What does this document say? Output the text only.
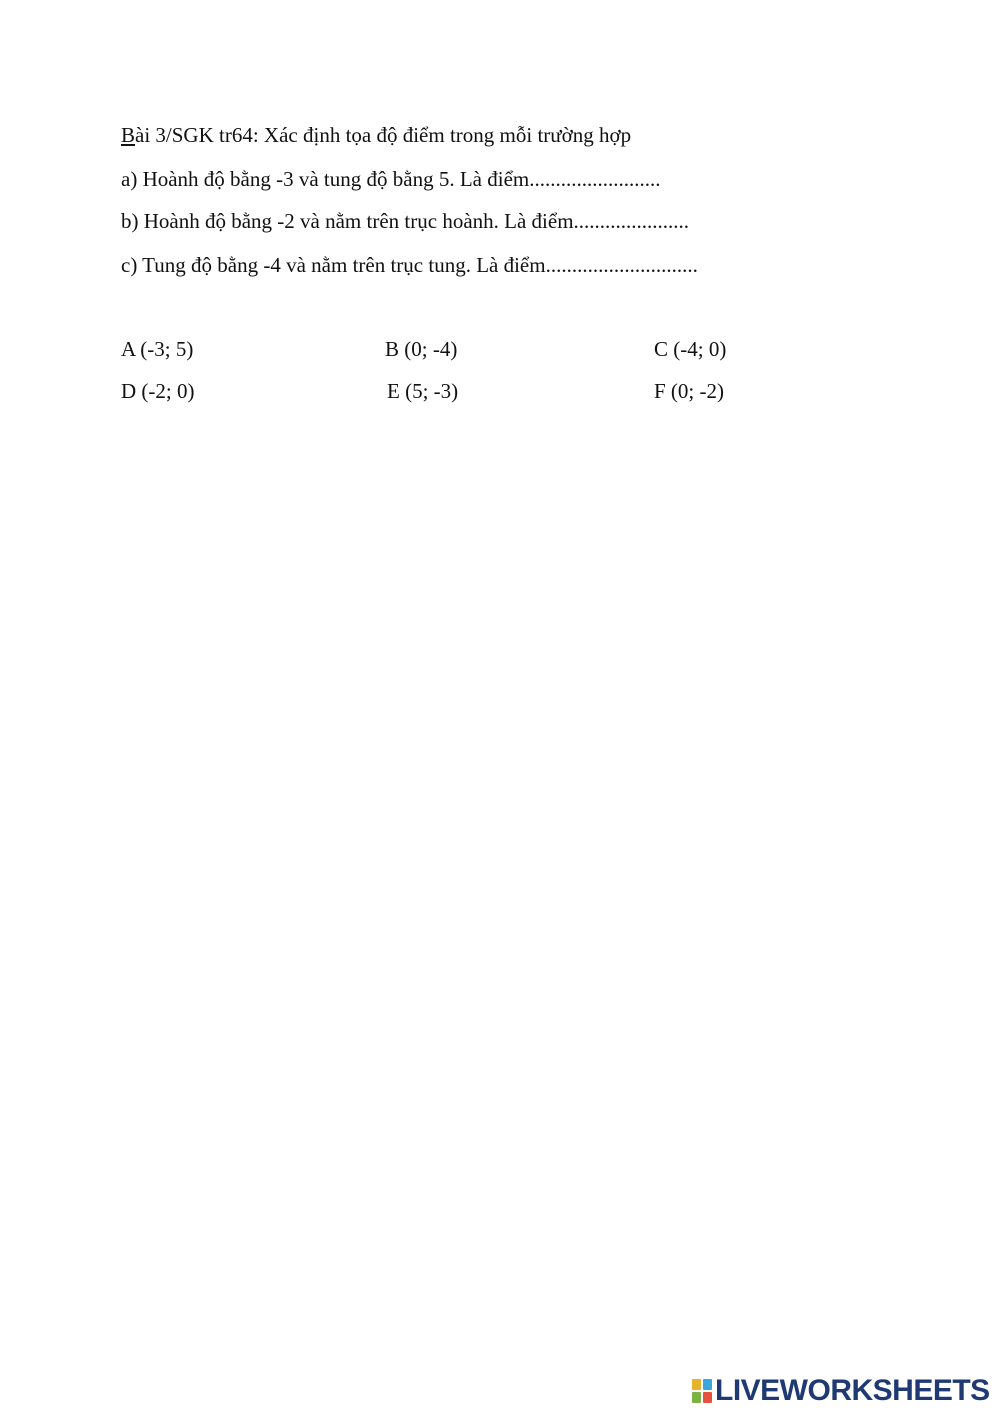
Bài 3/SGK tr64: Xác định tọa độ điểm trong mỗi trường hợp
a) Hoành độ bằng -3 và tung độ bằng 5. Là điểm.........................
b) Hoành độ bằng -2 và nằm trên trục hoành. Là điểm......................
c) Tung độ bằng -4 và nằm trên trục tung. Là điểm.............................
A (-3; 5)	B (0; -4)	C (-4; 0)
D (-2; 0)	E (5; -3)	F (0; -2)
LIVEWORKSHEETS
